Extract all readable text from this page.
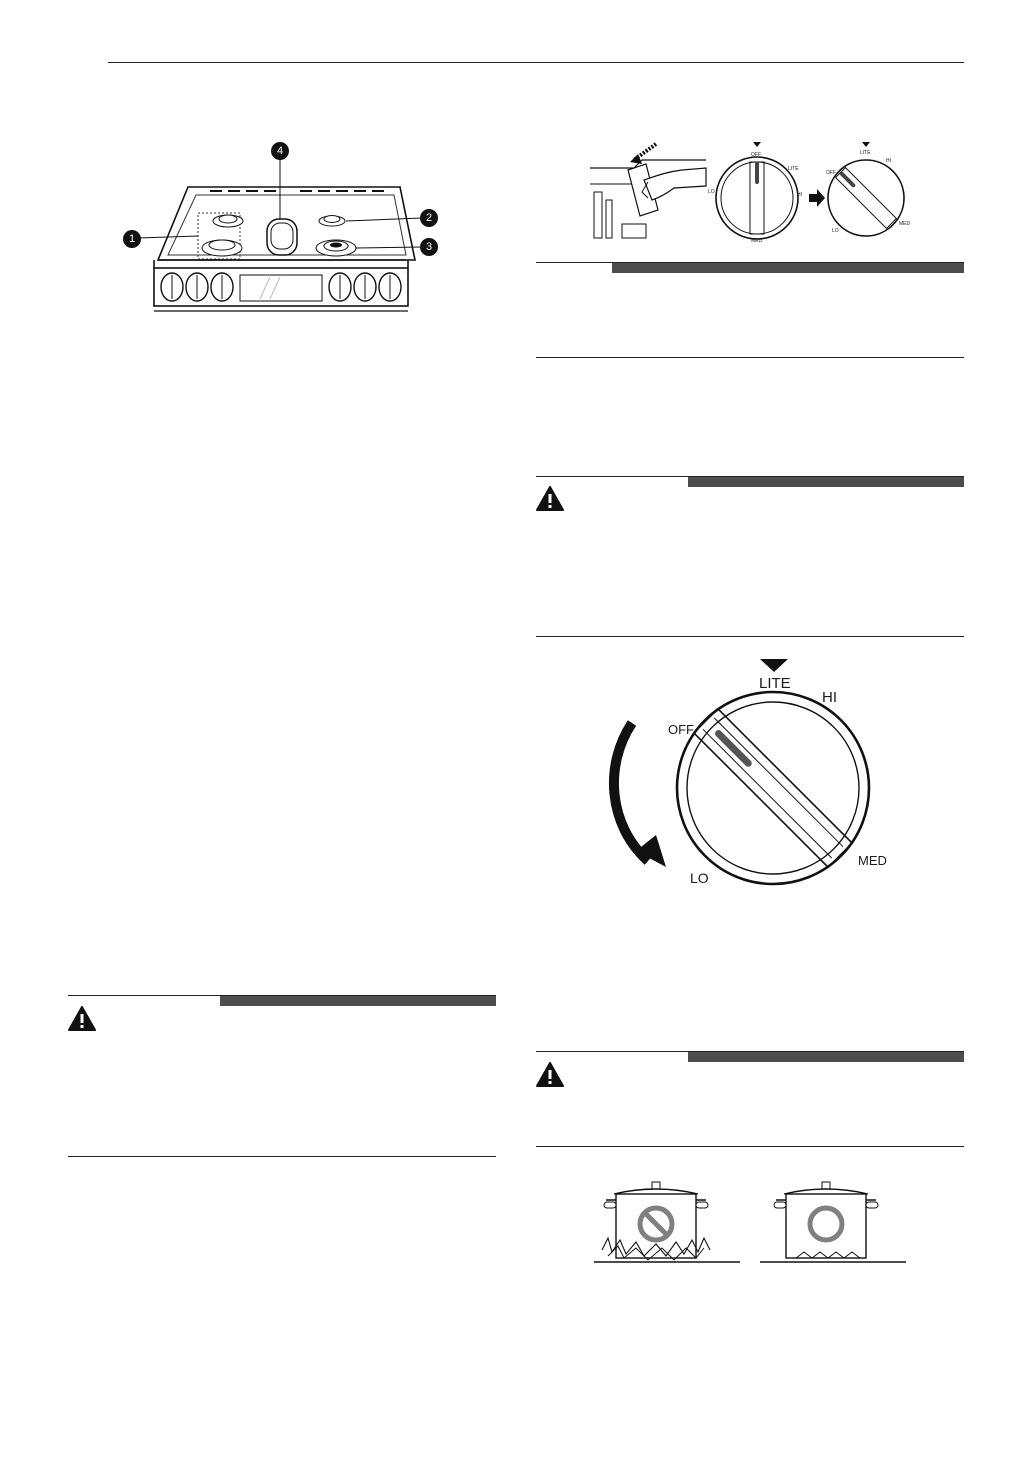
1
2
3
4	OFF
LITE
HI
LO
MED
LITE
HI
OFF
MED
LO
LITE
HI
OFF
MED
LO
